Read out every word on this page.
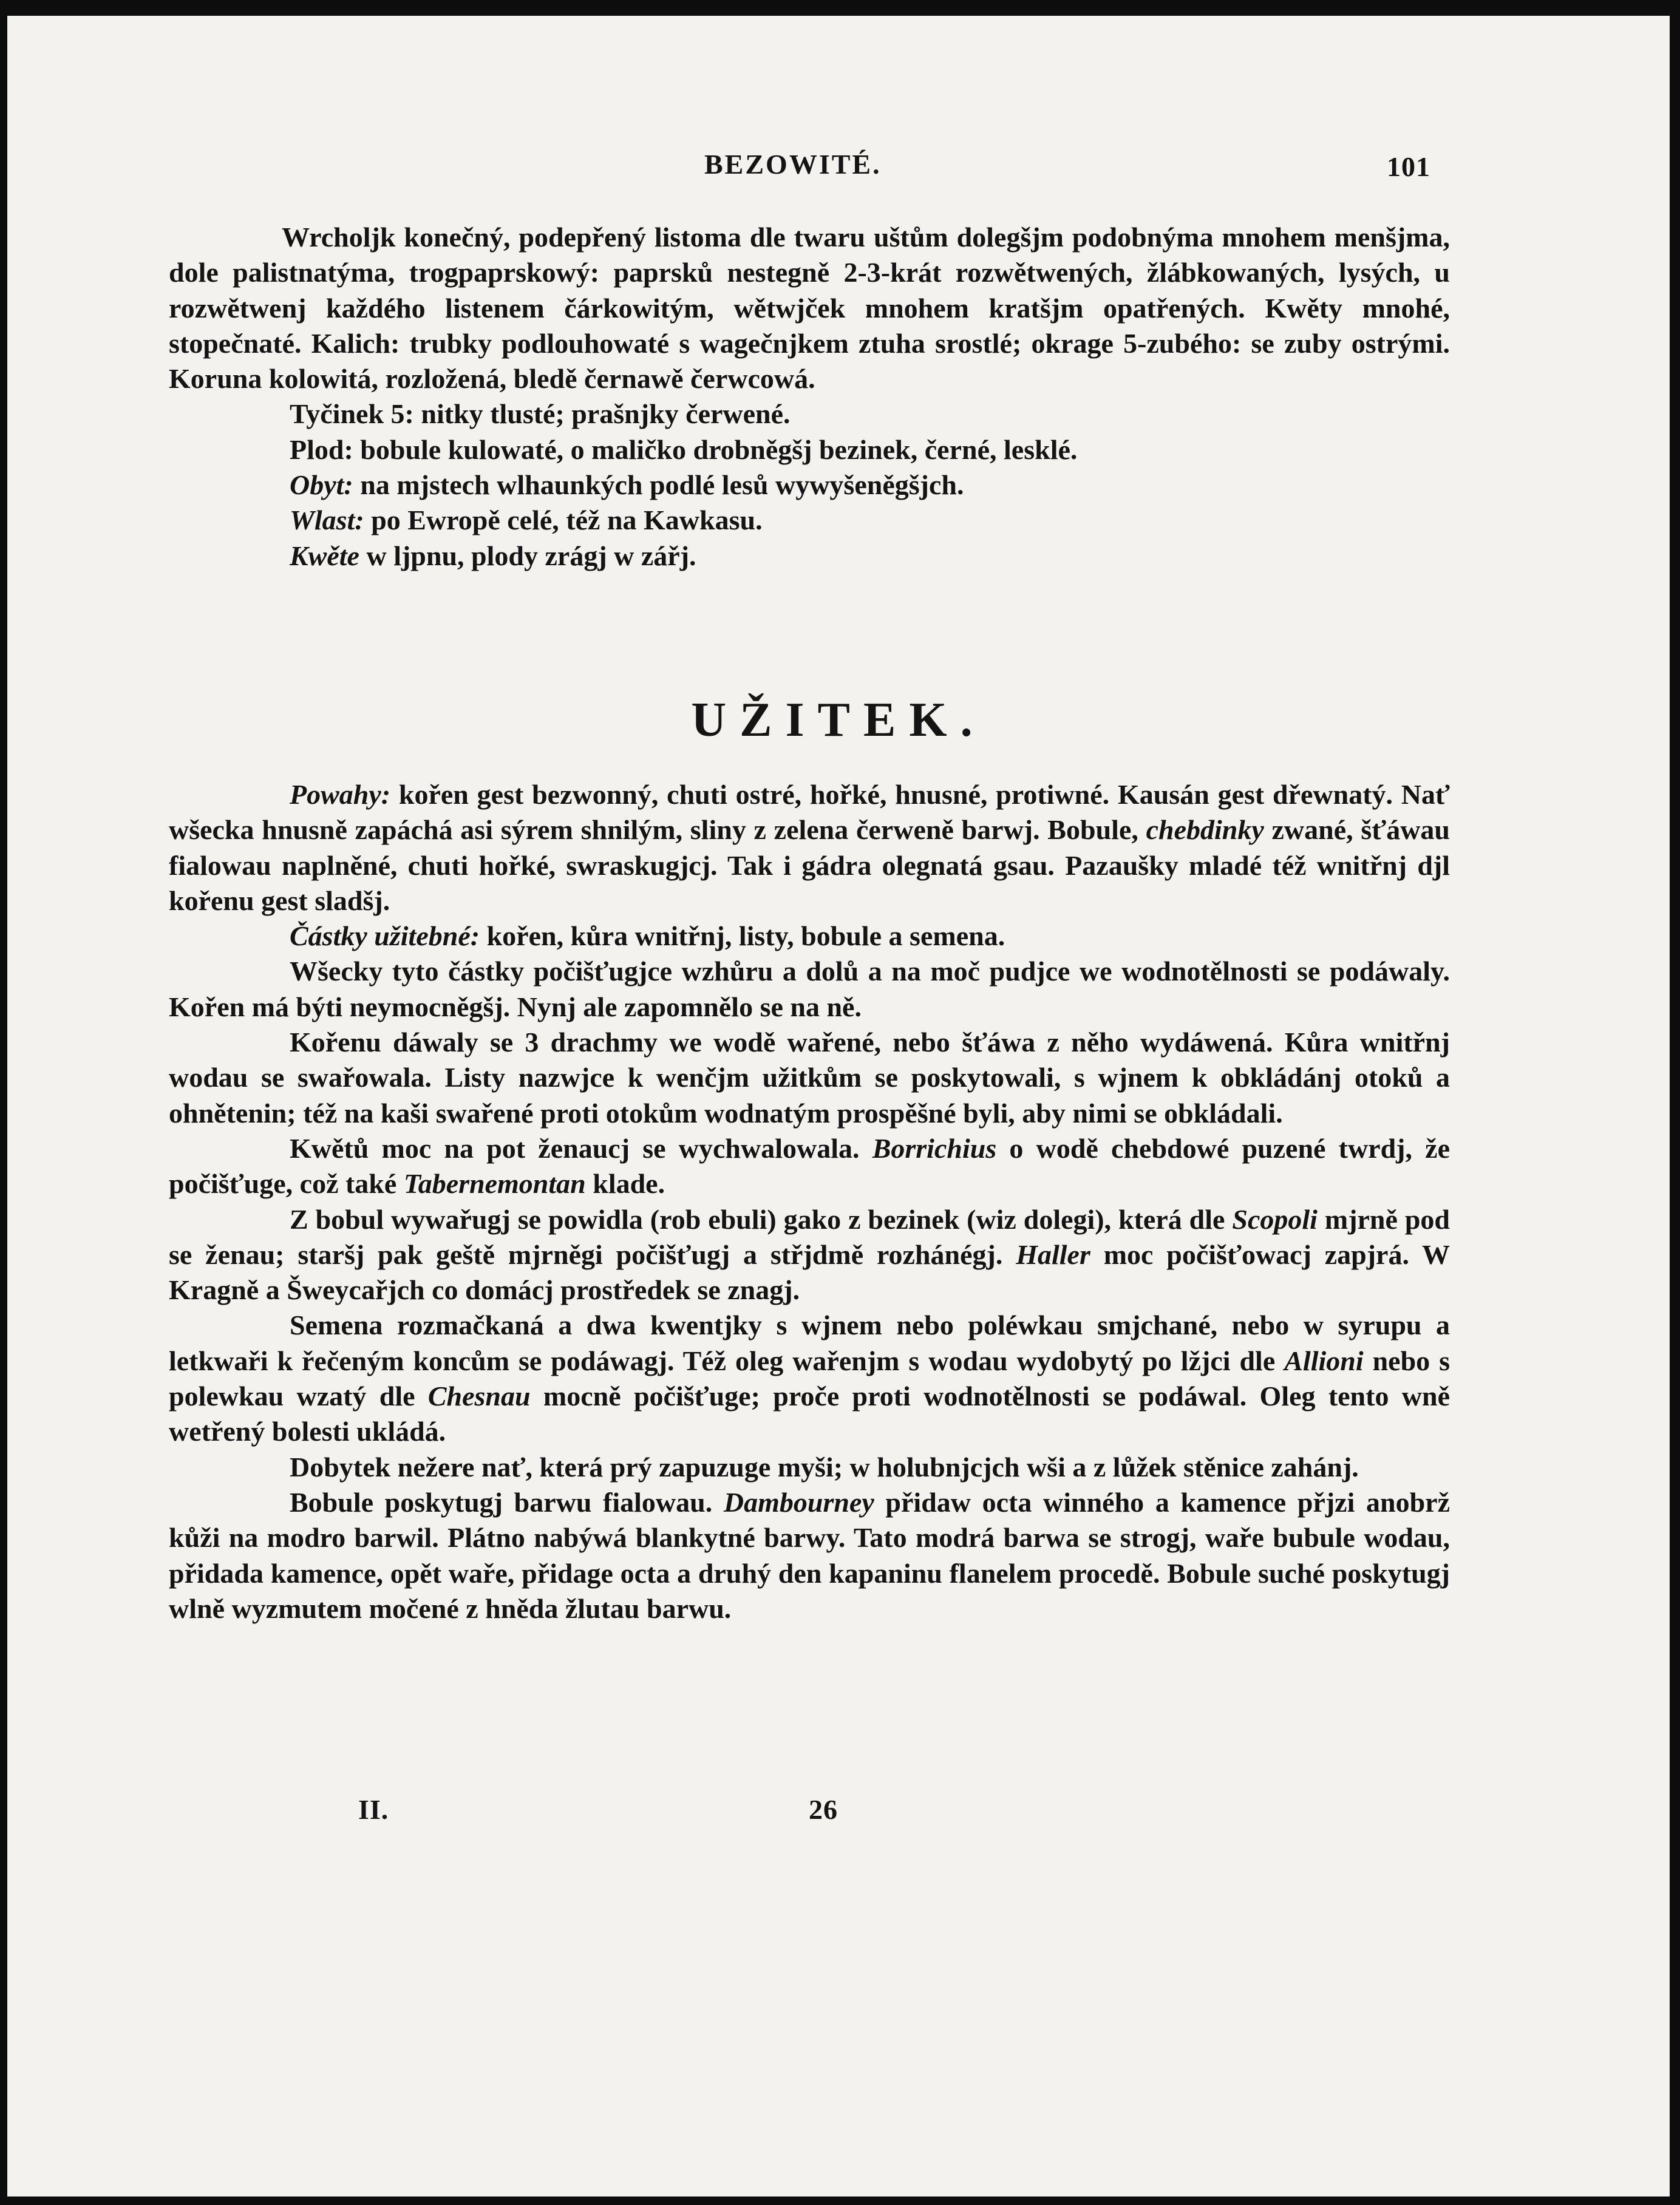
BEZOWITÉ.	101

Wrcholjk konečný, podepřený listoma dle twaru uštům dolegšjm podobnýma mnohem menšjma, dole palistnatýma, trogpaprskowý: paprsků nestegně 2-3-krát rozwětwených, žlábkowaných, lysých, u rozwětwenj každého listenem čárkowitým, wětwjček mnohem kratšjm opatřených. Kwěty mnohé, stopečnaté. Kalich: trubky podlouhowaté s wagečnjkem ztuha srostlé; okrage 5-zubého: se zuby ostrými. Koruna kolowitá, rozložená, bledě černawě čerwcowá.

Tyčinek 5: nitky tlusté; prašnjky čerwené.

Plod: bobule kulowaté, o maličko drobněgšj bezinek, černé, lesklé.

Obyt: na mjstech wlhaunkých podlé lesů wywyšeněgšjch.

Wlast: po Ewropě celé, též na Kawkasu.

Kwěte w ljpnu, plody zrágj w zářj.

UŽITEK.

Powahy: kořen gest bezwonný, chuti ostré, hořké, hnusné, protiwné. Kausán gest dřewnatý. Nať wšecka hnusně zapáchá asi sýrem shnilým, sliny z zelena čerweně barwj. Bobule, chebdinky zwané, šťáwau fialowau naplněné, chuti hořké, swraskugjcj. Tak i gádra olegnatá gsau. Pazaušky mladé též wnitřnj djl kořenu gest sladšj.

Částky užitebné: kořen, kůra wnitřnj, listy, bobule a semena.

Wšecky tyto částky počišťugjce wzhůru a dolů a na moč pudjce we wodnotělnosti se podáwaly. Kořen má býti neymocněgšj. Nynj ale zapomnělo se na ně.

Kořenu dáwaly se 3 drachmy we wodě wařené, nebo šťáwa z něho wydáwená. Kůra wnitřnj wodau se swařowala. Listy nazwjce k wenčjm užitkům se poskytowali, s wjnem k obkládánj otoků a ohnětenin; též na kaši swařené proti otokům wodnatým prospěšné byli, aby nimi se obkládali.

Kwětů moc na pot ženaucj se wychwalowala. Borrichius o wodě chebdowé puzené twrdj, že počišťuge, což také Tabernemontan klade.

Z bobul wywařugj se powidla (rob ebuli) gako z bezinek (wiz dolegi), která dle Scopoli mjrně pod se ženau; staršj pak geště mjrněgi počišťugj a střjdmě rozhánégj. Haller moc počišťowacj zapjrá. W Kragně a Šweycařjch co domácj prostředek se znagj.

Semena rozmačkaná a dwa kwentjky s wjnem nebo poléwkau smjchané, nebo w syrupu a letkwaři k řečeným koncům se podáwagj. Též oleg wařenjm s wodau wydobytý po lžjci dle Allioni nebo s polewkau wzatý dle Chesnau mocně počišťuge; proče proti wodnotělnosti se podáwal. Oleg tento wně wetřený bolesti ukládá.

Dobytek nežere nať, která prý zapuzuge myši; w holubnjcjch wši a z lůžek stěnice zahánj.

Bobule poskytugj barwu fialowau. Dambourney přidaw octa winného a kamence přjzi anobrž kůži na modro barwil. Plátno nabýwá blankytné barwy. Tato modrá barwa se strogj, waře bubule wodau, přidada kamence, opět waře, přidage octa a druhý den kapaninu flanelem procedě. Bobule suché poskytugj wlně wyzmutem močené z hněda žlutau barwu.

II.	26
